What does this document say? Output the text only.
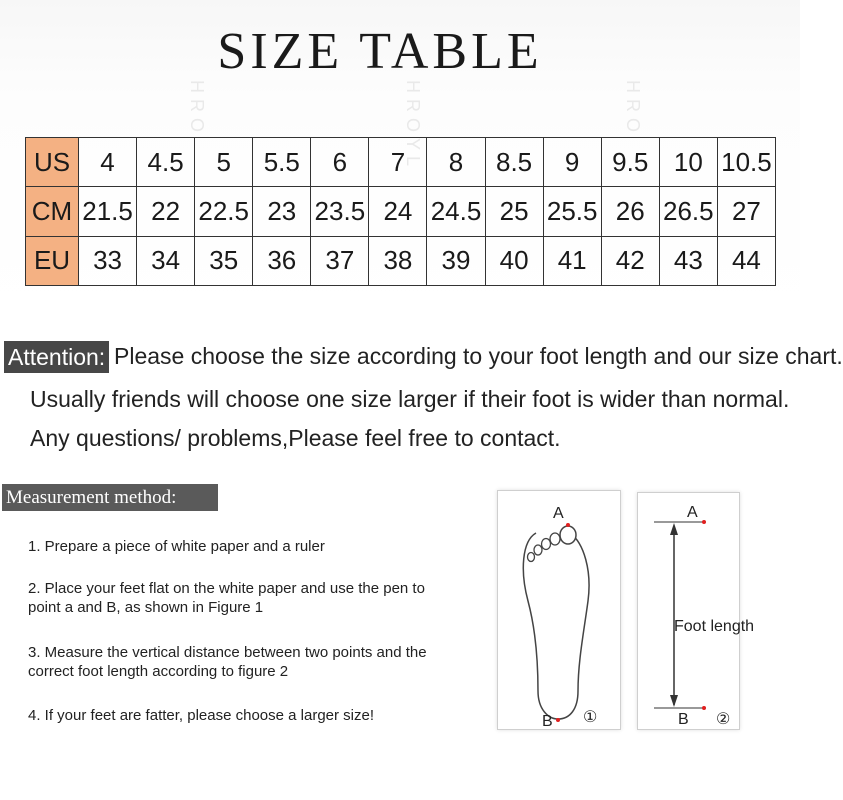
HRO	HROYL	HRO
SIZE TABLE
US	4	4.5	5	5.5	6	7	8	8.5	9	9.5	10	10.5
CM	21.5	22	22.5	23	23.5	24	24.5	25	25.5	26	26.5	27
EU	33	34	35	36	37	38	39	40	41	42	43	44
Attention: Please choose the size according to your foot length and our size chart.
Usually friends will choose one size larger if their foot is wider than normal.
Any questions/ problems,Please feel free to contact.
Measurement method:
1. Prepare a piece of white paper and a ruler
2. Place your feet flat on the white paper and use the pen to point a and B, as shown in Figure 1
3. Measure the vertical distance between two points and the correct foot length according to figure 2
4. If your feet are fatter, please choose a larger size!
A
B ①
A
B
Foot length
②
